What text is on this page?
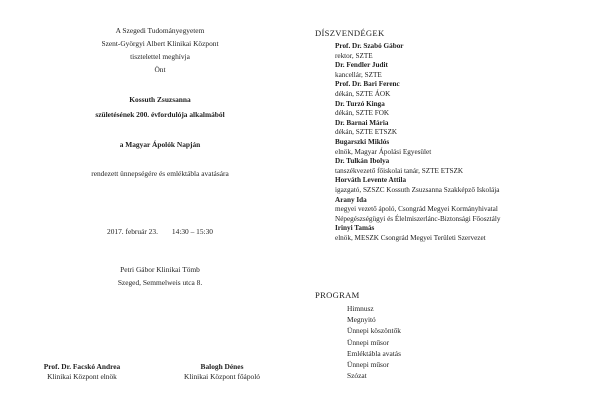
A Szegedi Tudományegyetem
Szent-Györgyi Albert Klinikai Központ
tisztelettel meghívja
Önt
Kossuth Zsuzsanna
születésének 200. évfordulója alkalmából
a Magyar Ápolók Napján
rendezett ünnepségére és emléktábla avatására
2017. február 23. 14:30 – 15:30
Petri Gábor Klinikai Tömb
Szeged, Semmelweis utca 8.
Prof. Dr. Facskó Andrea
Klinikai Központ elnök
Balogh Dénes
Klinikai Központ főápoló
DÍSZVENDÉGEK
Prof. Dr. Szabó Gábor
rektor, SZTE
Dr. Fendler Judit
kancellár, SZTE
Prof. Dr. Bari Ferenc
dékán, SZTE ÁOK
Dr. Turzó Kinga
dékán, SZTE FOK
Dr. Barnai Mária
dékán, SZTE ETSZK
Bugarszki Miklós
elnök, Magyar Ápolási Egyesület
Dr. Tulkán Ibolya
tanszékvezető főiskolai tanár, SZTE ETSZK
Horváth Levente Attila
igazgató, SZSZC Kossuth Zsuzsanna Szakképző Iskolája
Arany Ida
megyei vezető ápoló, Csongrád Megyei Kormányhivatal
Népegészségügyi és Élelmiszerlánc-Biztonsági Főosztály
Irinyi Tamás
elnök, MESZK Csongrád Megyei Területi Szervezet
PROGRAM
Himnusz
Megnyitó
Ünnepi köszöntők
Ünnepi műsor
Emléktábla avatás
Ünnepi műsor
Szózat
